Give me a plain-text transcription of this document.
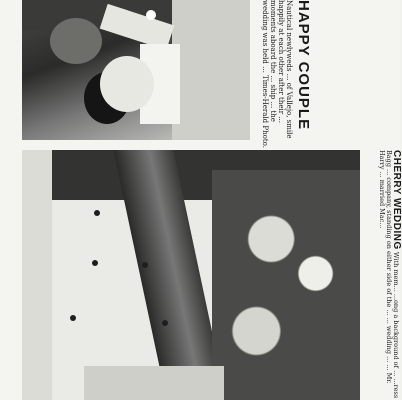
HAPPY COUPLE
Nautical newlyweds ... of Vallejo, smile happily at each other after their ... moments aboard the ... ship ... the wedding was held ... Times-Herald Photo.
CHERRY WEDDING With mem... ...ong a background of ... ...ress Bagg ... company, standing on either side of the ... ... wedding ... ... Mr. Harry ... married Mac...
